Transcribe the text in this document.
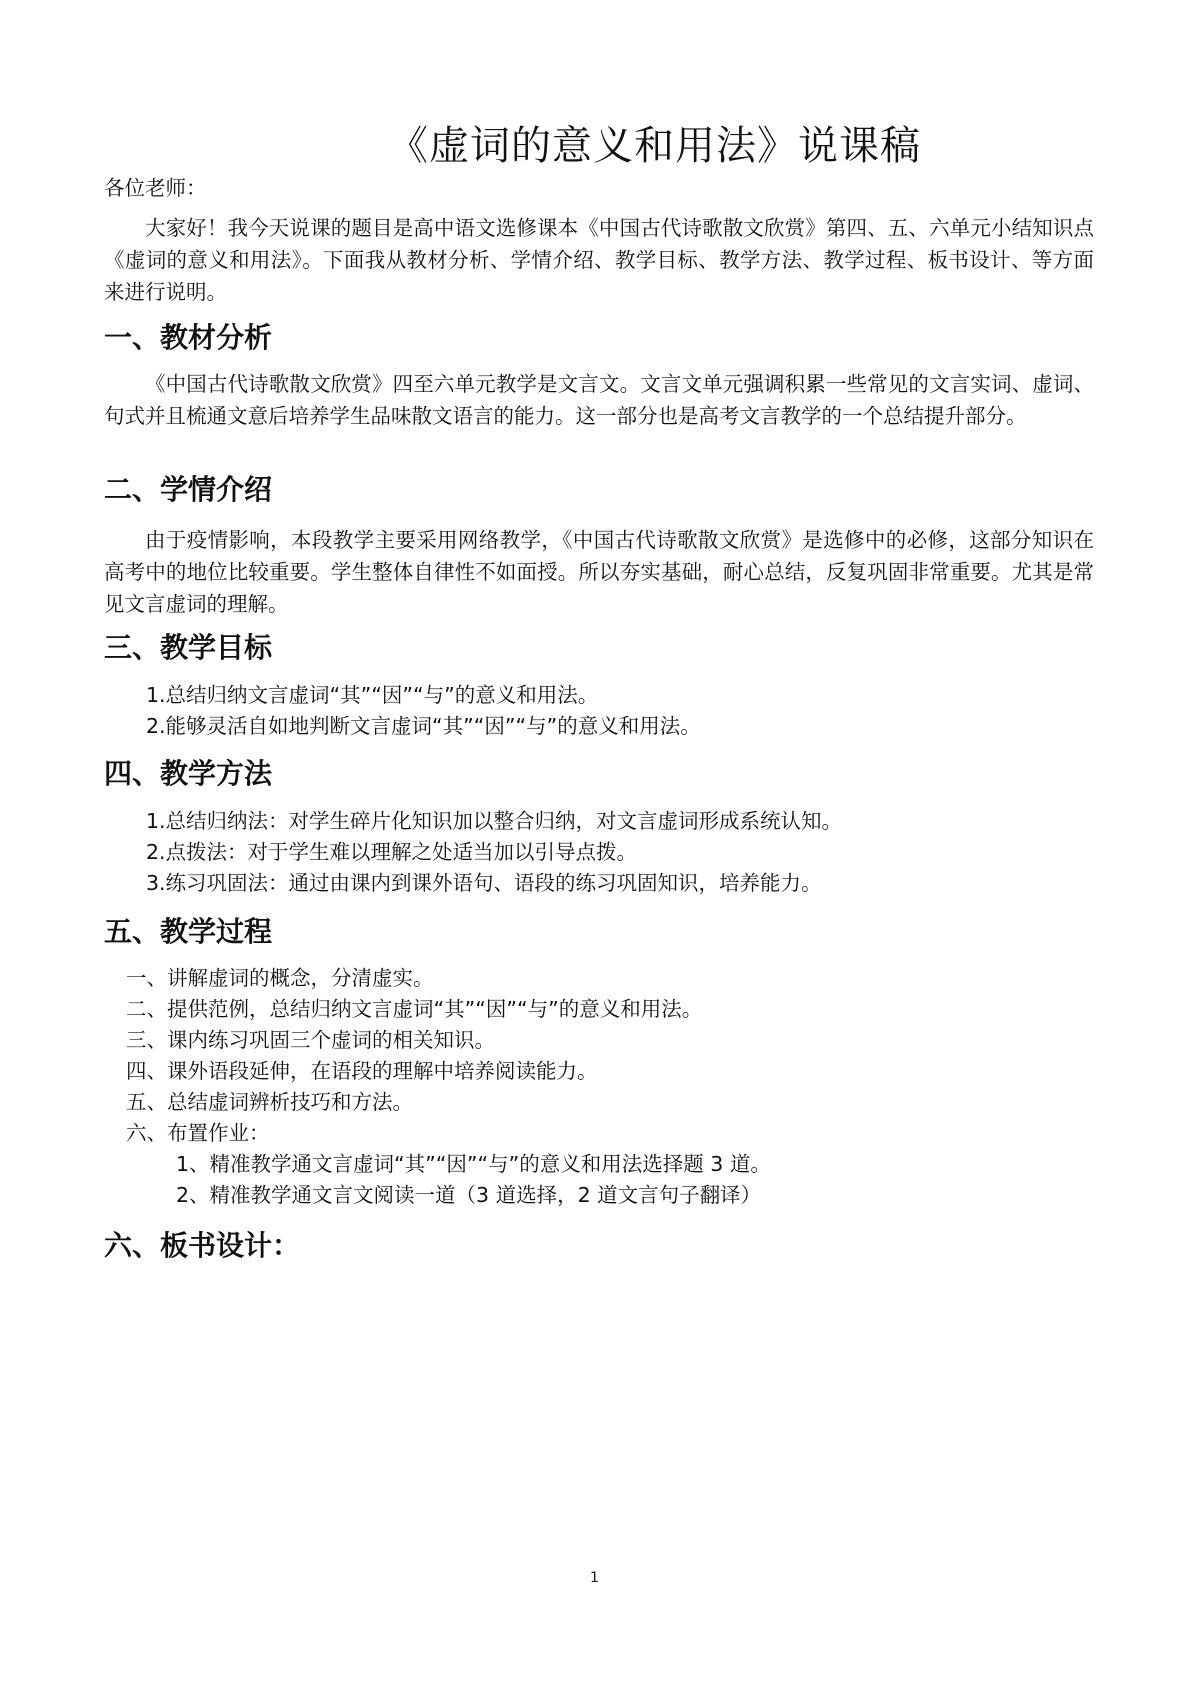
《虚词的意义和用法》说课稿
各位老师：
大家好！我今天说课的题目是高中语文选修课本《中国古代诗歌散文欣赏》第四、五、六单元小结知识点《虚词的意义和用法》。下面我从教材分析、学情介绍、教学目标、教学方法、教学过程、板书设计、等方面来进行说明。
一、教材分析
《中国古代诗歌散文欣赏》四至六单元教学是文言文。文言文单元强调积累一些常见的文言实词、虚词、句式并且梳通文意后培养学生品味散文语言的能力。这一部分也是高考文言教学的一个总结提升部分。
二、学情介绍
由于疫情影响，本段教学主要采用网络教学，《中国古代诗歌散文欣赏》是选修中的必修，这部分知识在高考中的地位比较重要。学生整体自律性不如面授。所以夯实基础，耐心总结，反复巩固非常重要。尤其是常见文言虚词的理解。
三、教学目标
1.总结归纳文言虚词“其”“因”“与”的意义和用法。
2.能够灵活自如地判断文言虚词“其”“因”“与”的意义和用法。
四、教学方法
1.总结归纳法：对学生碎片化知识加以整合归纳，对文言虚词形成系统认知。
2.点拨法：对于学生难以理解之处适当加以引导点拨。
3.练习巩固法：通过由课内到课外语句、语段的练习巩固知识，培养能力。
五、教学过程
一、讲解虚词的概念，分清虚实。
二、提供范例，总结归纳文言虚词“其”“因”“与”的意义和用法。
三、课内练习巩固三个虚词的相关知识。
四、课外语段延伸，在语段的理解中培养阅读能力。
五、总结虚词辨析技巧和方法。
六、布置作业：
1、精准教学通文言虚词“其”“因”“与”的意义和用法选择题 3 道。
2、精准教学通文言文阅读一道（3 道选择，2 道文言句子翻译）
六、板书设计：
1
